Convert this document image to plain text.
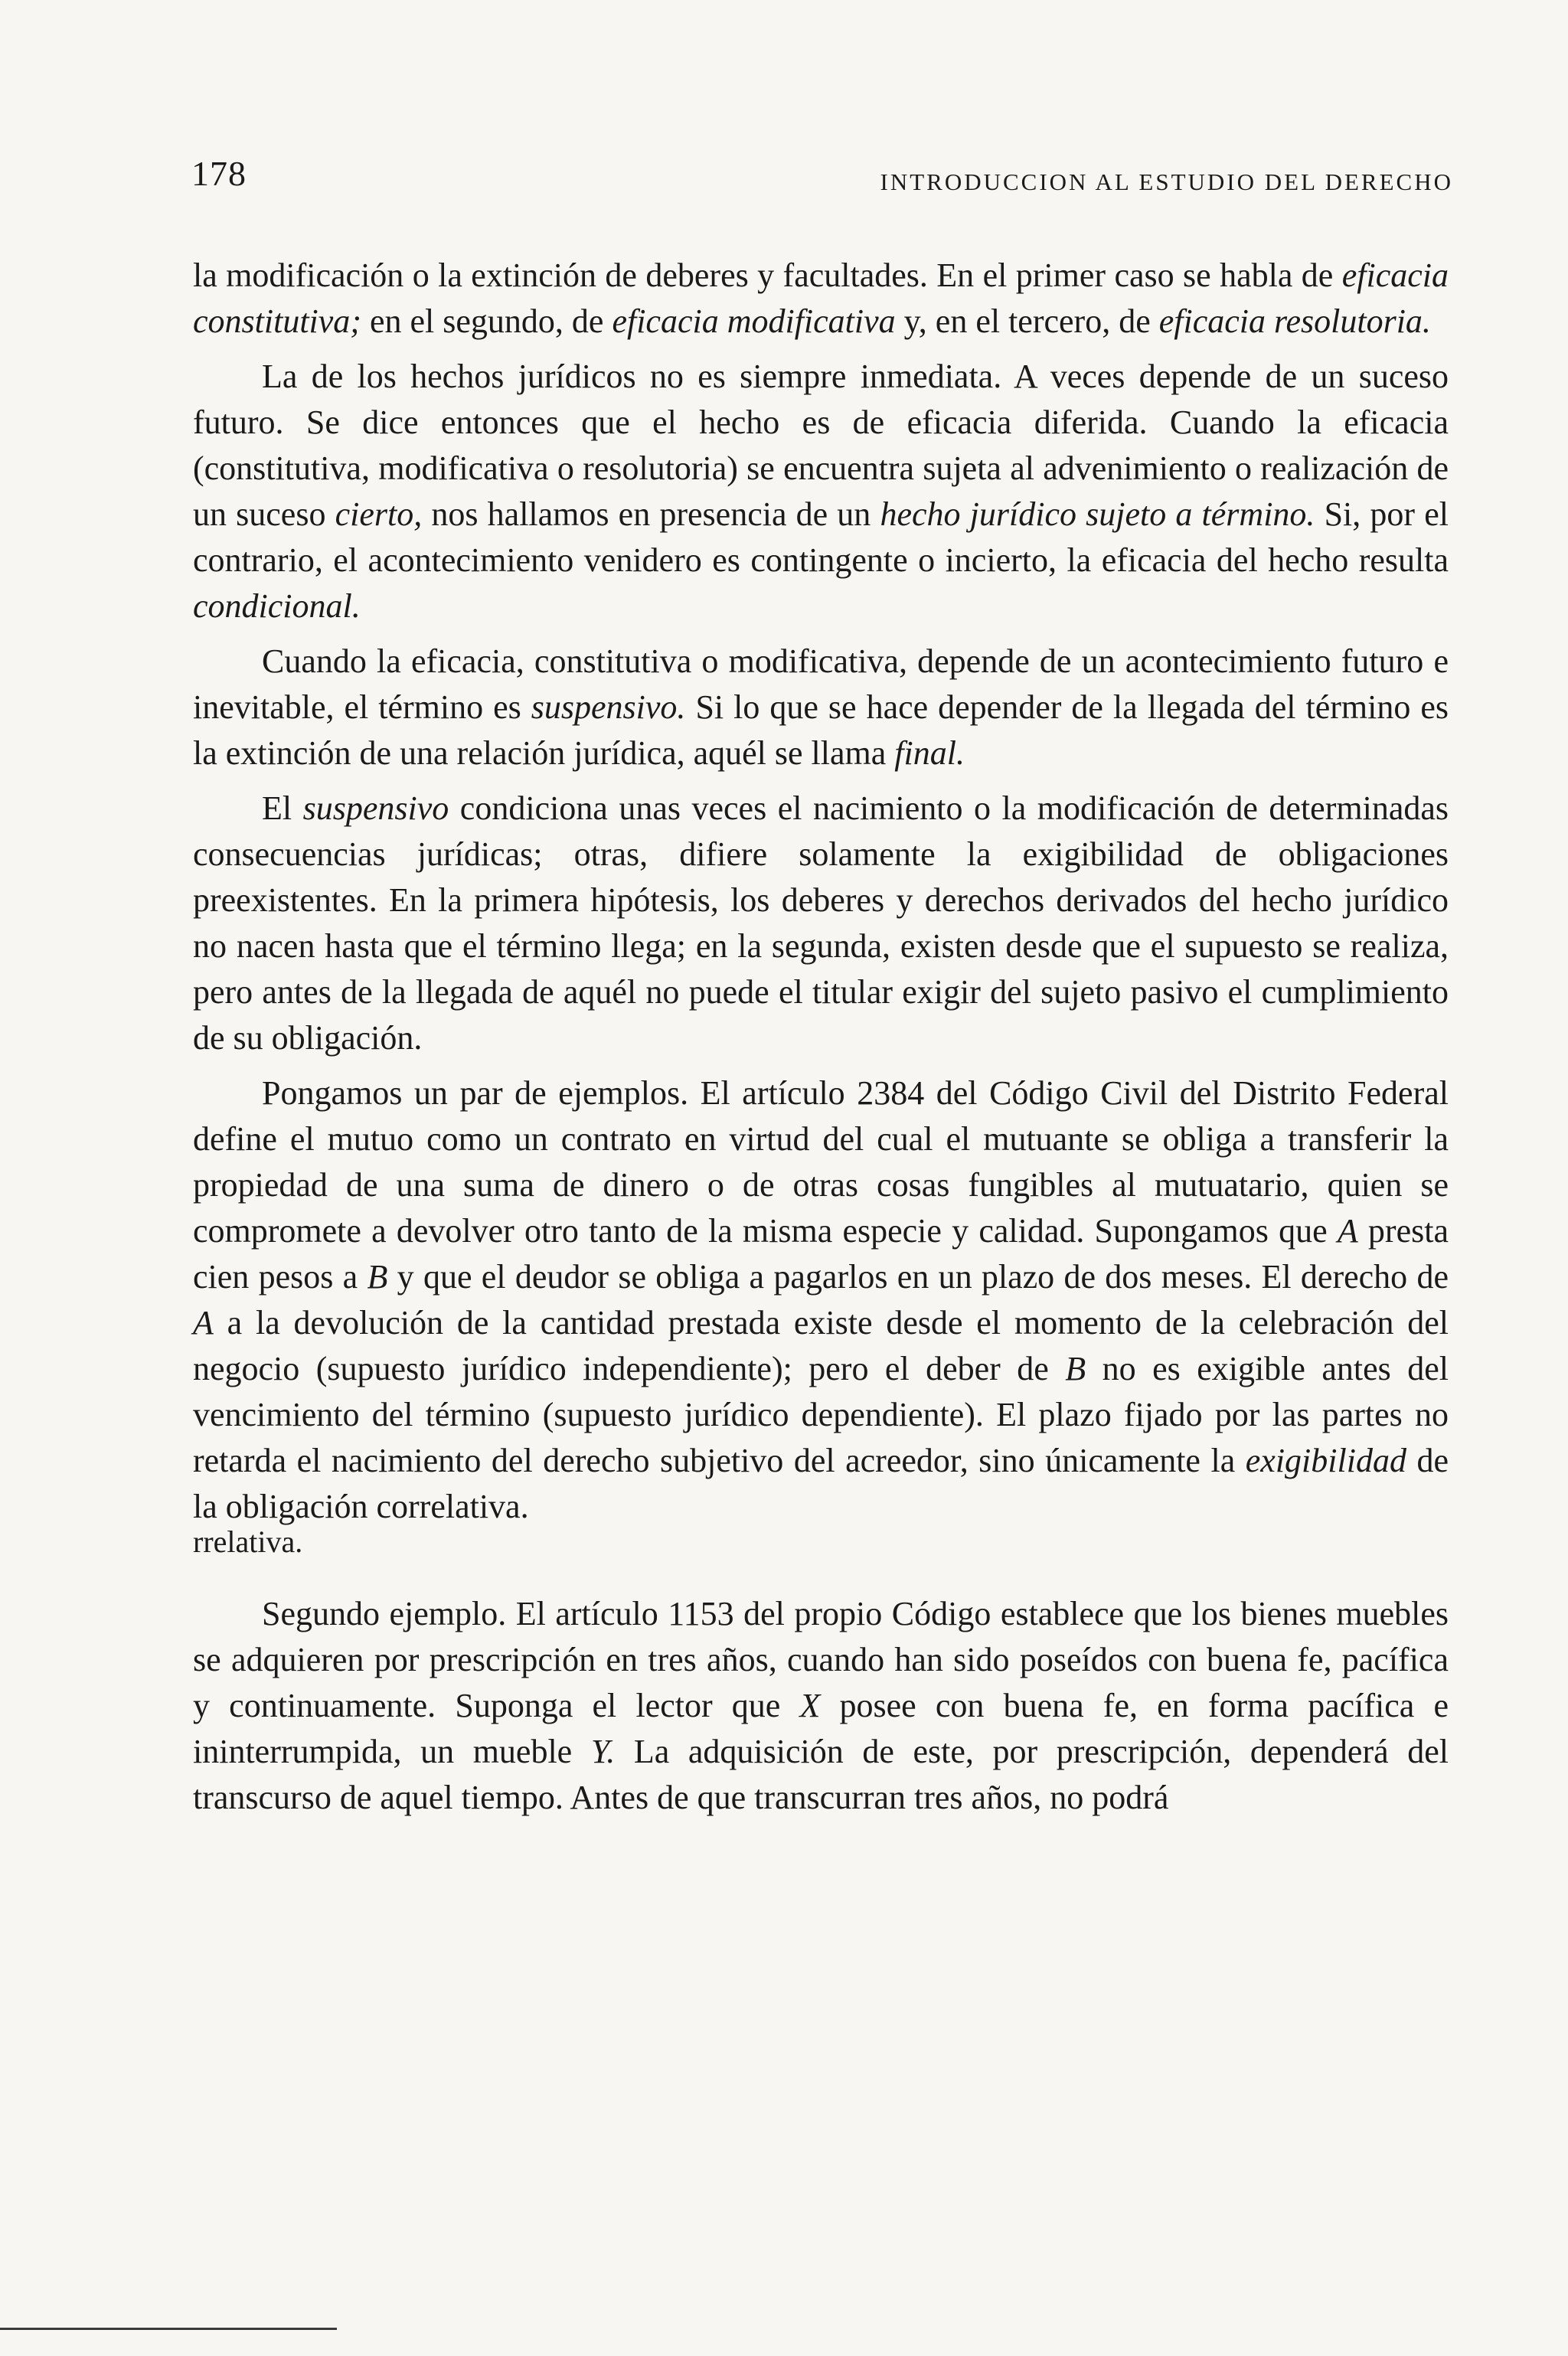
178	INTRODUCCION AL ESTUDIO DEL DERECHO

la modificación o la extinción de deberes y facultades. En el primer caso se habla de eficacia constitutiva; en el segundo, de eficacia modificativa y, en el tercero, de eficacia resolutoria.

La de los hechos jurídicos no es siempre inmediata. A veces depende de un suceso futuro. Se dice entonces que el hecho es de eficacia diferida. Cuando la eficacia (constitutiva, modificativa o resolutoria) se encuentra sujeta al advenimiento o realización de un suceso cierto, nos hallamos en presencia de un hecho jurídico sujeto a término. Si, por el contrario, el acontecimiento venidero es contingente o incierto, la eficacia del hecho resulta condicional.

Cuando la eficacia, constitutiva o modificativa, depende de un acontecimiento futuro e inevitable, el término es suspensivo. Si lo que se hace depender de la llegada del término es la extinción de una relación jurídica, aquél se llama final.

El suspensivo condiciona unas veces el nacimiento o la modificación de determinadas consecuencias jurídicas; otras, difiere solamente la exigibilidad de obligaciones preexistentes. En la primera hipótesis, los deberes y derechos derivados del hecho jurídico no nacen hasta que el término llega; en la segunda, existen desde que el supuesto se realiza, pero antes de la llegada de aquél no puede el titular exigir del sujeto pasivo el cumplimiento de su obligación.

Pongamos un par de ejemplos. El artículo 2384 del Código Civil del Distrito Federal define el mutuo como un contrato en virtud del cual el mutuante se obliga a transferir la propiedad de una suma de dinero o de otras cosas fungibles al mutuatario, quien se compromete a devolver otro tanto de la misma especie y calidad. Supongamos que A presta cien pesos a B y que el deudor se obliga a pagarlos en un plazo de dos meses. El derecho de A a la devolución de la cantidad prestada existe desde el momento de la celebración del negocio (supuesto jurídico independiente); pero el deber de B no es exigible antes del vencimiento del término (supuesto jurídico dependiente). El plazo fijado por las partes no retarda el nacimiento del derecho subjetivo del acreedor, sino únicamente la exigibilidad de la obligación correlativa.

rrelativa.

Segundo ejemplo. El artículo 1153 del propio Código establece que los bienes muebles se adquieren por prescripción en tres años, cuando han sido poseídos con buena fe, pacífica y continuamente. Suponga el lector que X posee con buena fe, en forma pacífica e ininterrumpida, un mueble Y. La adquisición de este, por prescripción, dependerá del transcurso de aquel tiempo. Antes de que transcurran tres años, no podrá
